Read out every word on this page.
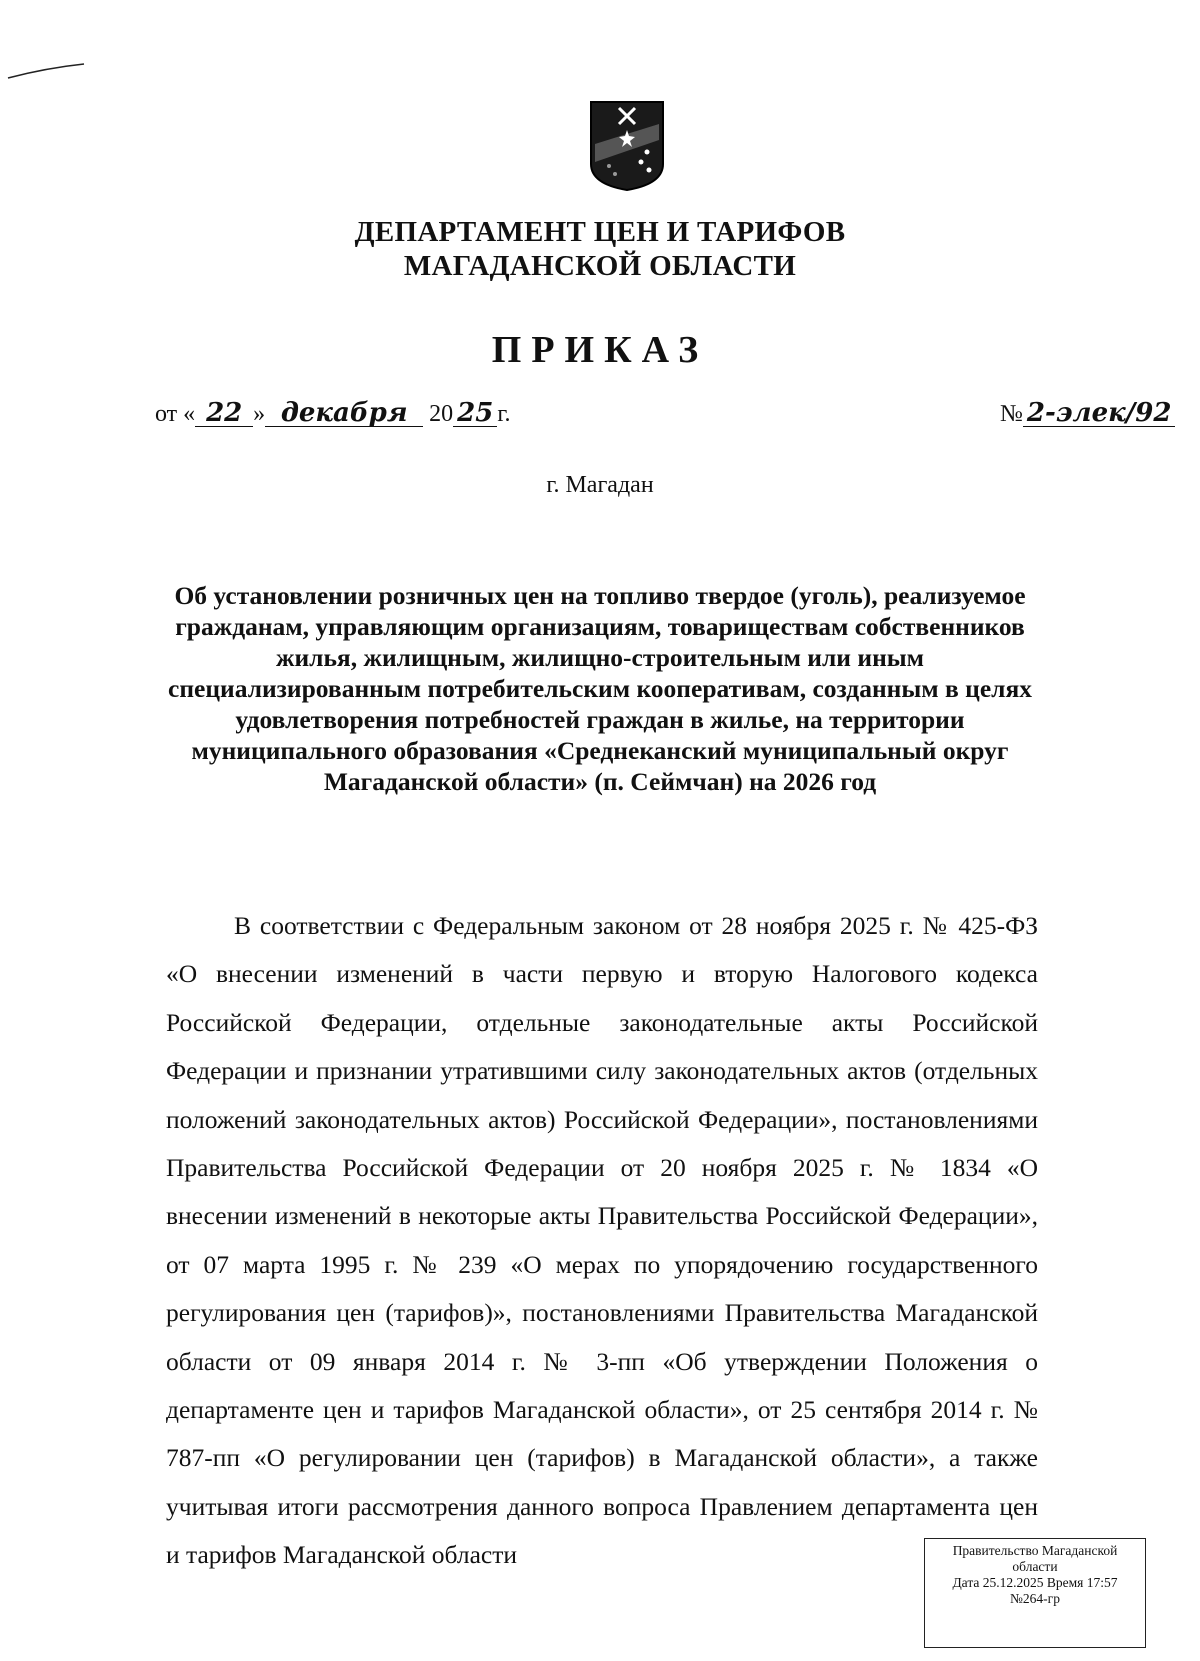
ДЕПАРТАМЕНТ ЦЕН И ТАРИФОВ
МАГАДАНСКОЙ ОБЛАСТИ
ПРИКАЗ
от « 22 » декабря 20 25 г.	№ 2-элек/92
г. Магадан
Об установлении розничных цен на топливо твердое (уголь), реализуемое гражданам, управляющим организациям, товариществам собственников жилья, жилищным, жилищно-строительным или иным специализированным потребительским кооперативам, созданным в целях удовлетворения потребностей граждан в жилье, на территории муниципального образования «Среднеканский муниципальный округ Магаданской области» (п. Сеймчан) на 2026 год
В соответствии с Федеральным законом от 28 ноября 2025 г. № 425-ФЗ «О внесении изменений в части первую и вторую Налогового кодекса Российской Федерации, отдельные законодательные акты Российской Федерации и признании утратившими силу законодательных актов (отдельных положений законодательных актов) Российской Федерации», постановлениями Правительства Российской Федерации от 20 ноября 2025 г. № 1834 «О внесении изменений в некоторые акты Правительства Российской Федерации», от 07 марта 1995 г. № 239 «О мерах по упорядочению государственного регулирования цен (тарифов)», постановлениями Правительства Магаданской области от 09 января 2014 г. № 3-пп «Об утверждении Положения о департаменте цен и тарифов Магаданской области», от 25 сентября 2014 г. № 787-пп «О регулировании цен (тарифов) в Магаданской области», а также учитывая итоги рассмотрения данного вопроса Правлением департамента цен и тарифов Магаданской области	Правительство Магаданской
области
Дата 25.12.2025 Время 17:57
№264-гр
